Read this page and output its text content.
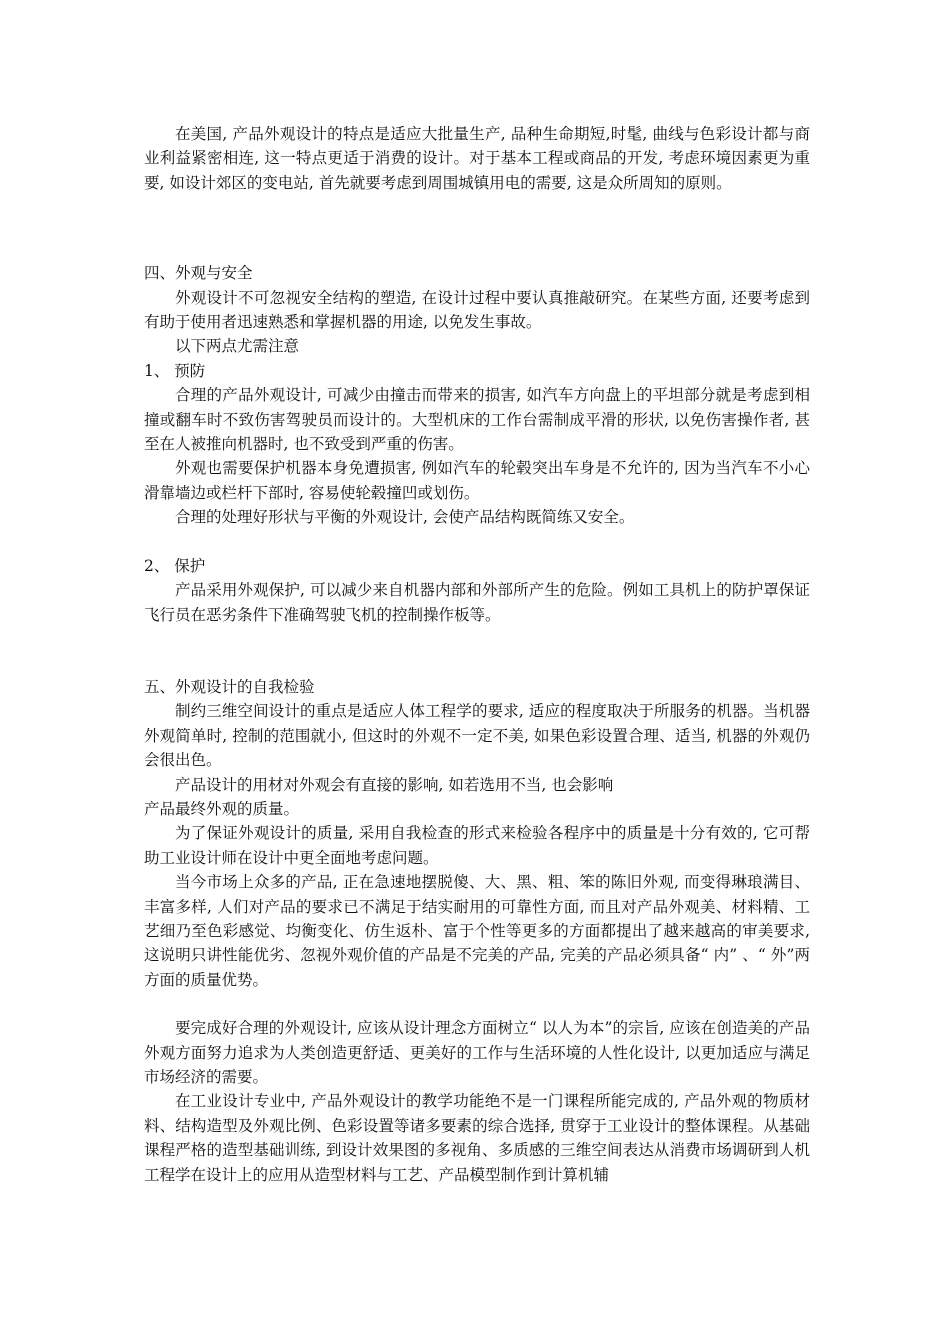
在美国, 产品外观设计的特点是适应大批量生产, 品种生命期短,时髦, 曲线与色彩设计都与商业利益紧密相连, 这一特点更适于消费的设计。对于基本工程或商品的开发, 考虑环境因素更为重要, 如设计郊区的变电站, 首先就要考虑到周围城镇用电的需要, 这是众所周知的原则。

四、外观与安全

外观设计不可忽视安全结构的塑造, 在设计过程中要认真推敲研究。在某些方面, 还要考虑到有助于使用者迅速熟悉和掌握机器的用途, 以免发生事故。

以下两点尤需注意

1、 预防

合理的产品外观设计, 可减少由撞击而带来的损害, 如汽车方向盘上的平坦部分就是考虑到相撞或翻车时不致伤害驾驶员而设计的。大型机床的工作台需制成平滑的形状, 以免伤害操作者, 甚至在人被推向机器时, 也不致受到严重的伤害。

外观也需要保护机器本身免遭损害, 例如汽车的轮毂突出车身是不允许的, 因为当汽车不小心滑靠墙边或栏杆下部时, 容易使轮毂撞凹或划伤。

合理的处理好形状与平衡的外观设计, 会使产品结构既简练又安全。

2、 保护

产品采用外观保护, 可以减少来自机器内部和外部所产生的危险。例如工具机上的防护罩保证飞行员在恶劣条件下准确驾驶飞机的控制操作板等。

五、外观设计的自我检验

制约三维空间设计的重点是适应人体工程学的要求, 适应的程度取决于所服务的机器。当机器外观简单时, 控制的范围就小, 但这时的外观不一定不美, 如果色彩设置合理、适当, 机器的外观仍会很出色。

产品设计的用材对外观会有直接的影响, 如若选用不当, 也会影响

产品最终外观的质量。

为了保证外观设计的质量, 采用自我检查的形式来检验各程序中的质量是十分有效的, 它可帮助工业设计师在设计中更全面地考虑问题。

当今市场上众多的产品, 正在急速地摆脱傻、大、黑、粗、笨的陈旧外观, 而变得琳琅满目、丰富多样, 人们对产品的要求已不满足于结实耐用的可靠性方面, 而且对产品外观美、材料精、工艺细乃至色彩感觉、均衡变化、仿生返朴、富于个性等更多的方面都提出了越来越高的审美要求, 这说明只讲性能优劣、忽视外观价值的产品是不完美的产品, 完美的产品必须具备“ 内” 、“ 外”两方面的质量优势。

要完成好合理的外观设计, 应该从设计理念方面树立“ 以人为本”的宗旨, 应该在创造美的产品外观方面努力追求为人类创造更舒适、更美好的工作与生活环境的人性化设计, 以更加适应与满足市场经济的需要。

在工业设计专业中, 产品外观设计的教学功能绝不是一门课程所能完成的, 产品外观的物质材料、结构造型及外观比例、色彩设置等诸多要素的综合选择, 贯穿于工业设计的整体课程。从基础课程严格的造型基础训练, 到设计效果图的多视角、多质感的三维空间表达从消费市场调研到人机工程学在设计上的应用从造型材料与工艺、产品模型制作到计算机辅
